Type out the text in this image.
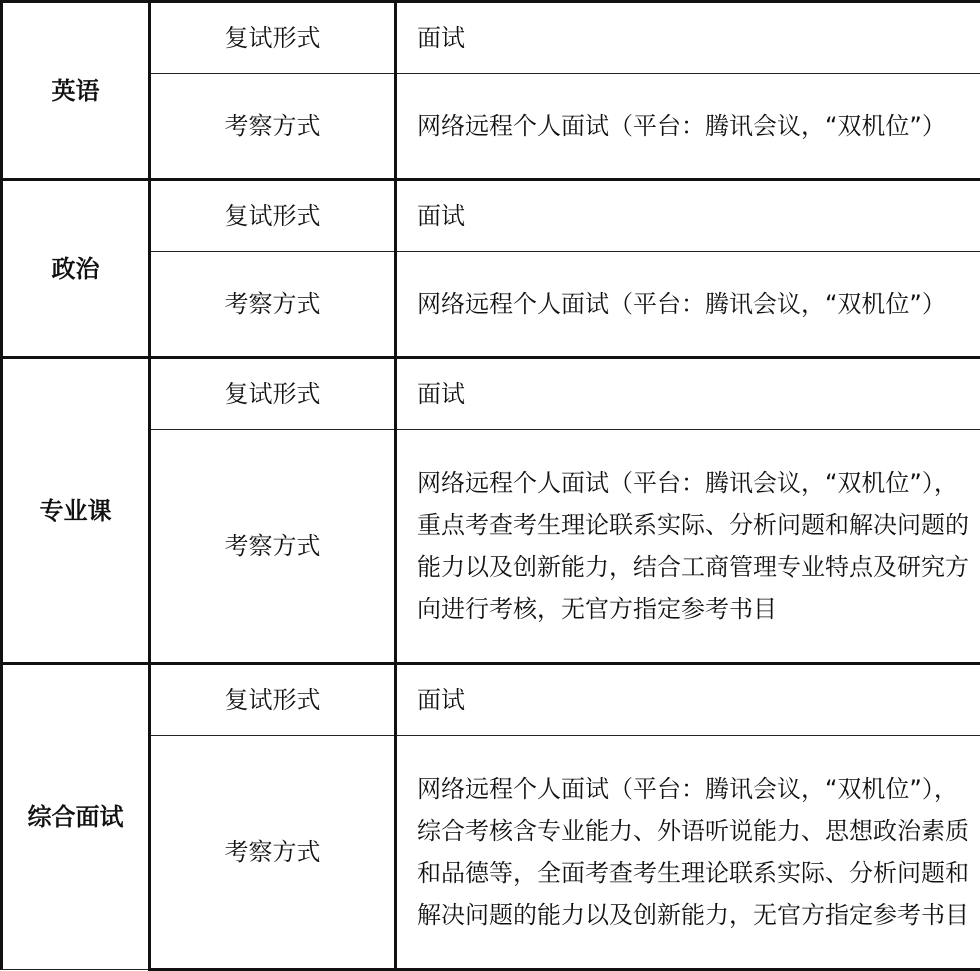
英语	复试形式	面试
	考察方式	网络远程个人面试（平台：腾讯会议，“双机位”）
政治	复试形式	面试
	考察方式	网络远程个人面试（平台：腾讯会议，“双机位”）
专业课	复试形式	面试
	考察方式	网络远程个人面试（平台：腾讯会议，“双机位”），重点考查考生理论联系实际、分析问题和解决问题的能力以及创新能力，结合工商管理专业特点及研究方向进行考核，无官方指定参考书目
综合面试	复试形式	面试
	考察方式	网络远程个人面试（平台：腾讯会议，“双机位”），综合考核含专业能力、外语听说能力、思想政治素质和品德等，全面考查考生理论联系实际、分析问题和解决问题的能力以及创新能力，无官方指定参考书目
